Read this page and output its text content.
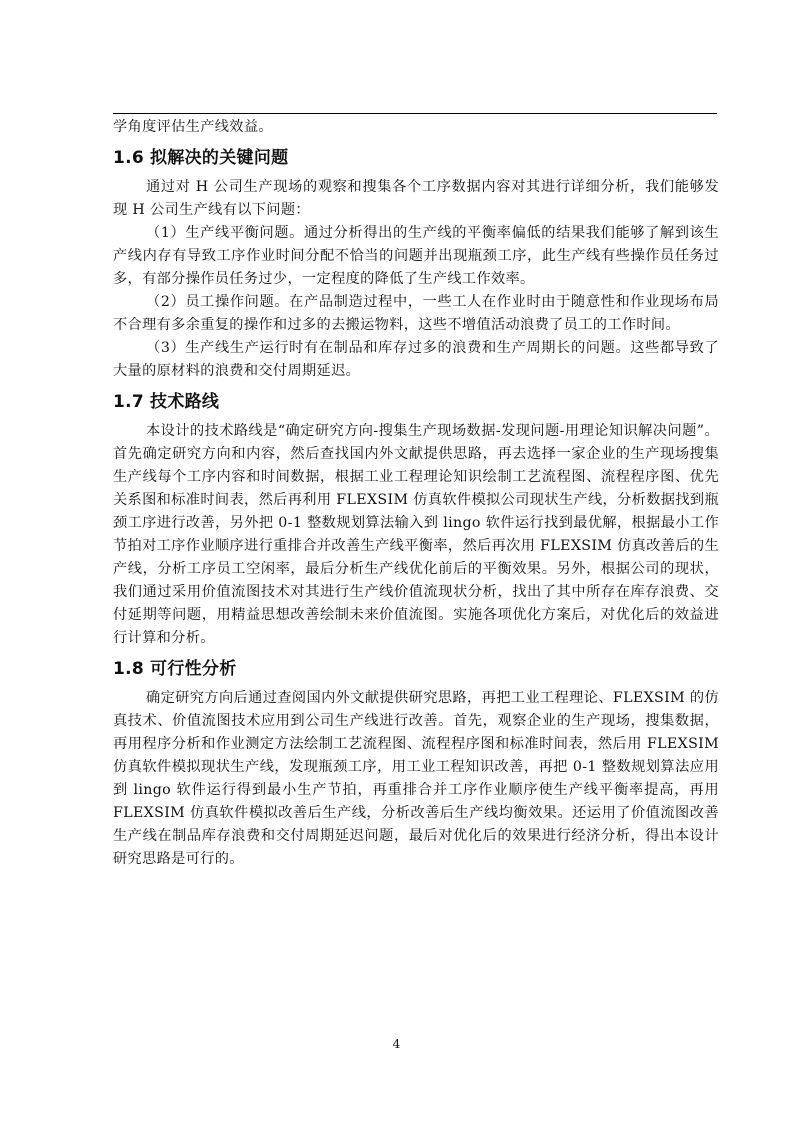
学角度评估生产线效益。

1.6 拟解决的关键问题

通过对 H 公司生产现场的观察和搜集各个工序数据内容对其进行详细分析，我们能够发现 H 公司生产线有以下问题：

（1）生产线平衡问题。通过分析得出的生产线的平衡率偏低的结果我们能够了解到该生产线内存有导致工序作业时间分配不恰当的问题并出现瓶颈工序，此生产线有些操作员任务过多，有部分操作员任务过少，一定程度的降低了生产线工作效率。

（2）员工操作问题。在产品制造过程中，一些工人在作业时由于随意性和作业现场布局不合理有多余重复的操作和过多的去搬运物料，这些不增值活动浪费了员工的工作时间。

（3）生产线生产运行时有在制品和库存过多的浪费和生产周期长的问题。这些都导致了大量的原材料的浪费和交付周期延迟。

1.7 技术路线

本设计的技术路线是“确定研究方向-搜集生产现场数据-发现问题-用理论知识解决问题”。首先确定研究方向和内容，然后查找国内外文献提供思路，再去选择一家企业的生产现场搜集生产线每个工序内容和时间数据，根据工业工程理论知识绘制工艺流程图、流程程序图、优先关系图和标准时间表，然后再利用 FLEXSIM 仿真软件模拟公司现状生产线，分析数据找到瓶颈工序进行改善，另外把 0-1 整数规划算法输入到 lingo 软件运行找到最优解，根据最小工作节拍对工序作业顺序进行重排合并改善生产线平衡率，然后再次用 FLEXSIM 仿真改善后的生产线，分析工序员工空闲率，最后分析生产线优化前后的平衡效果。另外，根据公司的现状，我们通过采用价值流图技术对其进行生产线价值流现状分析，找出了其中所存在库存浪费、交付延期等问题，用精益思想改善绘制未来价值流图。实施各项优化方案后，对优化后的效益进行计算和分析。

1.8 可行性分析

确定研究方向后通过查阅国内外文献提供研究思路，再把工业工程理论、FLEXSIM 的仿真技术、价值流图技术应用到公司生产线进行改善。首先，观察企业的生产现场，搜集数据，再用程序分析和作业测定方法绘制工艺流程图、流程程序图和标准时间表，然后用 FLEXSIM 仿真软件模拟现状生产线，发现瓶颈工序，用工业工程知识改善，再把 0-1 整数规划算法应用到 lingo 软件运行得到最小生产节拍，再重排合并工序作业顺序使生产线平衡率提高，再用 FLEXSIM 仿真软件模拟改善后生产线，分析改善后生产线均衡效果。还运用了价值流图改善生产线在制品库存浪费和交付周期延迟问题，最后对优化后的效果进行经济分析，得出本设计研究思路是可行的。

4
